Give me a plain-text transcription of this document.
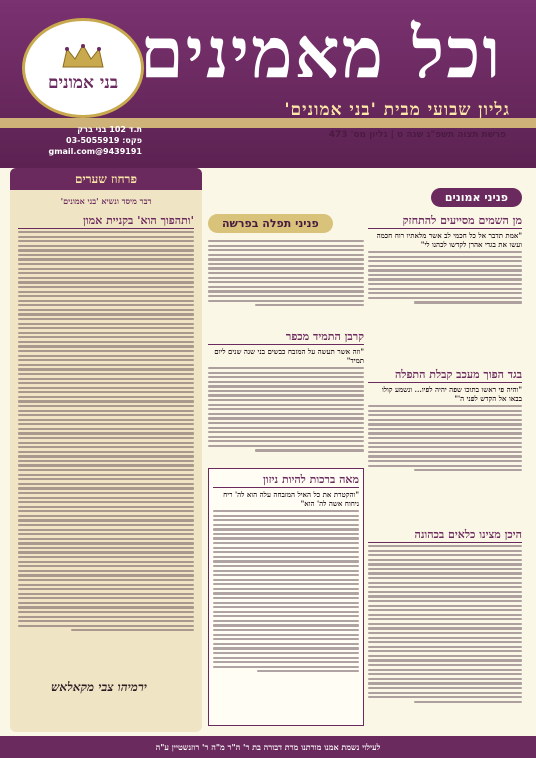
בני אמונים
ת.ד 102 בני ברק
פקס: 03-5055919
9439191@gmail.com
וכל מאמינים
גליון שבועי מבית 'בני אמונים'
פרשת תצוה תשפ"ג שנה ט | גליון מס' 473
פניני אמונים
פניני תפלה בפרשה	מן השמים מסייעים להתחזק
"אמת תדבר אל כל חכמי לב אשר מלאתיו רוח חכמה ועשו את בגדי אהרן לקדשו לכהנו לי"
בגד הפוך מעכב קבלת התפלה
"והיה פי ראשו בתוכו שפה יהיה לפיו... ונשמע קולו בבאו אל הקדש לפני ה'"
היכן מצינו כלאים בכהונה
קרבן התמיד מכפר
"וזה אשר תעשה על המזבח כבשים בני שנה שנים ליום תמיד"
מאה ברכות להיות ניזון
"והקטרת את כל האיל המזבחה עלה הוא לה' ריח ניחוח אשה לה' הוא"
פרחוז שערים
דבר מיסד ונשיא 'בני אמונים'
'ותהפוך הוא' בקניית אמון
ירמיהו צבי מקאלאש
לעילוי נשמת אמנו מורתנו מרת דבורה בת ר' ה"ר מ"ה ר' רוזנשטיין ע"ה
